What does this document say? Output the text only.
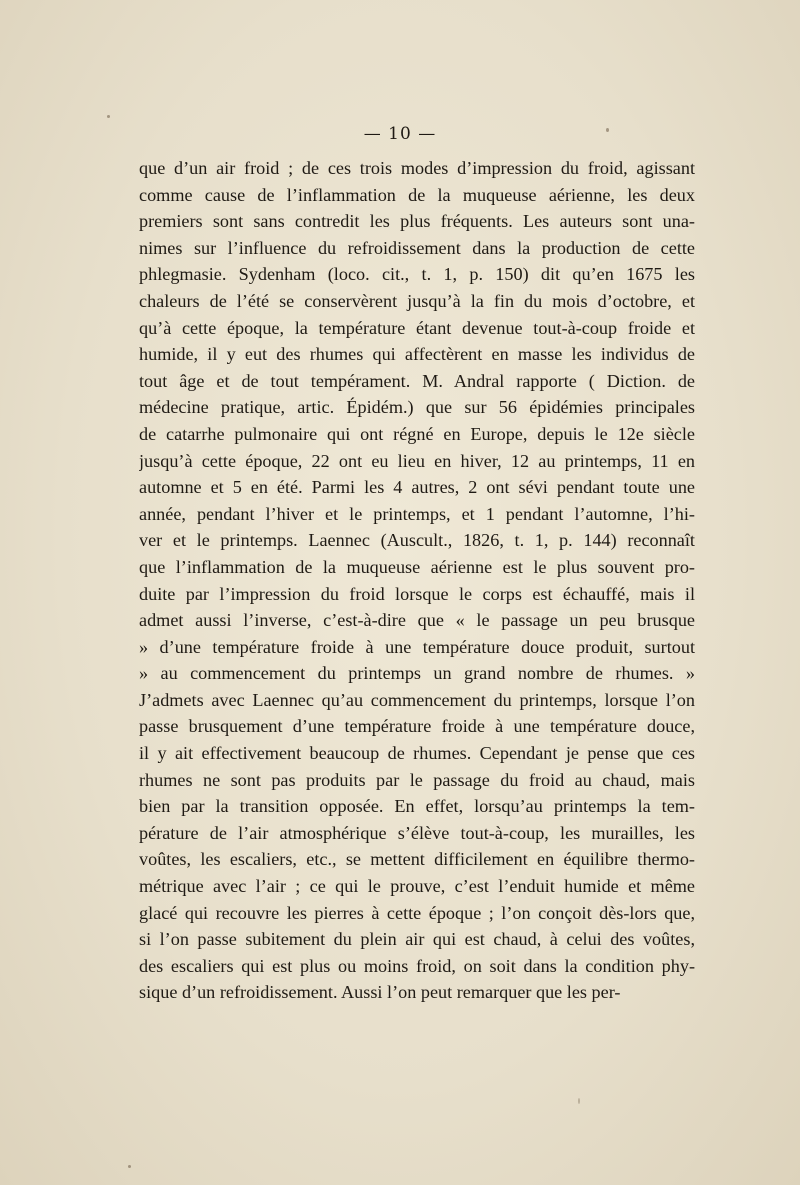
— 10 —
que d’un air froid ; de ces trois modes d’impression du froid, agissant
comme cause de l’inflammation de la muqueuse aérienne, les deux
premiers sont sans contredit les plus fréquents. Les auteurs sont una-
nimes sur l’influence du refroidissement dans la production de cette
phlegmasie. Sydenham (loco. cit., t. 1, p. 150) dit qu’en 1675 les
chaleurs de l’été se conservèrent jusqu’à la fin du mois d’octobre, et
qu’à cette époque, la température étant devenue tout-à-coup froide et
humide, il y eut des rhumes qui affectèrent en masse les individus de
tout âge et de tout tempérament. M. Andral rapporte ( Diction. de
médecine pratique, artic. Épidém.) que sur 56 épidémies principales
de catarrhe pulmonaire qui ont régné en Europe, depuis le 12e siècle
jusqu’à cette époque, 22 ont eu lieu en hiver, 12 au printemps, 11 en
automne et 5 en été. Parmi les 4 autres, 2 ont sévi pendant toute une
année, pendant l’hiver et le printemps, et 1 pendant l’automne, l’hi-
ver et le printemps. Laennec (Auscult., 1826, t. 1, p. 144) reconnaît
que l’inflammation de la muqueuse aérienne est le plus souvent pro-
duite par l’impression du froid lorsque le corps est échauffé, mais il
admet aussi l’inverse, c’est-à-dire que « le passage un peu brusque
» d’une température froide à une température douce produit, surtout
» au commencement du printemps un grand nombre de rhumes. »
J’admets avec Laennec qu’au commencement du printemps, lorsque l’on
passe brusquement d’une température froide à une température douce,
il y ait effectivement beaucoup de rhumes. Cependant je pense que ces
rhumes ne sont pas produits par le passage du froid au chaud, mais
bien par la transition opposée. En effet, lorsqu’au printemps la tem-
pérature de l’air atmosphérique s’élève tout-à-coup, les murailles, les
voûtes, les escaliers, etc., se mettent difficilement en équilibre thermo-
métrique avec l’air ; ce qui le prouve, c’est l’enduit humide et même
glacé qui recouvre les pierres à cette époque ; l’on conçoit dès-lors que,
si l’on passe subitement du plein air qui est chaud, à celui des voûtes,
des escaliers qui est plus ou moins froid, on soit dans la condition phy-
sique d’un refroidissement. Aussi l’on peut remarquer que les per-
